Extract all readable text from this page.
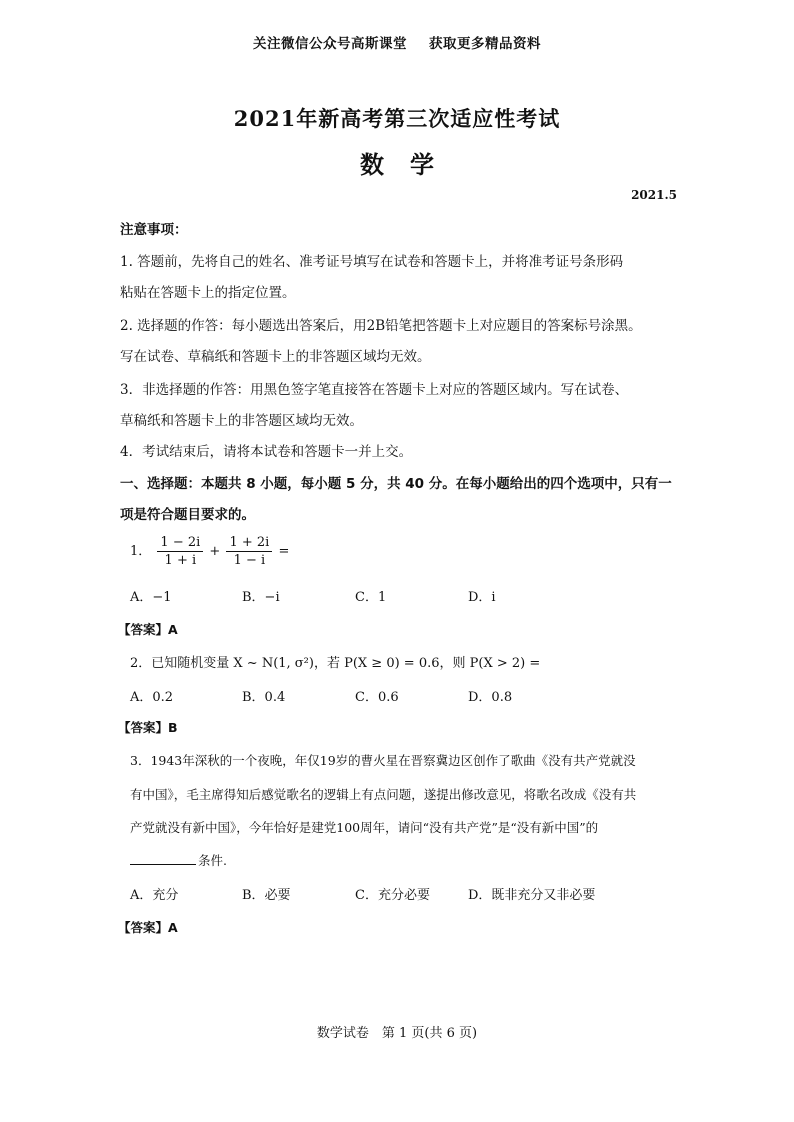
关注微信公众号高斯课堂 获取更多精品资料
2021年新高考第三次适应性考试
数学
2021.5
注意事项：
1. 答题前，先将自己的姓名、准考证号填写在试卷和答题卡上，并将准考证号条形码
粘贴在答题卡上的指定位置。
2. 选择题的作答：每小题选出答案后，用2B铅笔把答题卡上对应题目的答案标号涂黑。
写在试卷、草稿纸和答题卡上的非答题区域均无效。
3．非选择题的作答：用黑色签字笔直接答在答题卡上对应的答题区域内。写在试卷、
草稿纸和答题卡上的非答题区域均无效。
4．考试结束后，请将本试卷和答题卡一并上交。
一、选择题：本题共 8 小题，每小题 5 分，共 40 分。在每小题给出的四个选项中，只有一
项是符合题目要求的。
1． $\frac{1 - 2i}{1 + i} + \frac{1 + 2i}{1 - i}$ =
A．−1	B．−i	C．1	D．i
【答案】A
2．已知随机变量 X ~ N(1, σ²)，若 P(X ≥ 0) = 0.6，则 P(X > 2) =
A．0.2	B．0.4	C．0.6	D．0.8
【答案】B
3．1943年深秋的一个夜晚，年仅19岁的曹火星在晋察冀边区创作了歌曲《没有共产党就没
有中国》，毛主席得知后感觉歌名的逻辑上有点问题，遂提出修改意见，将歌名改成《没有共
产党就没有新中国》，今年恰好是建党100周年，请问“没有共产党”是“没有新中国”的
条件.
A．充分	B．必要	C．充分必要	D．既非充分又非必要
【答案】A
数学试卷　第 1 页(共 6 页)
